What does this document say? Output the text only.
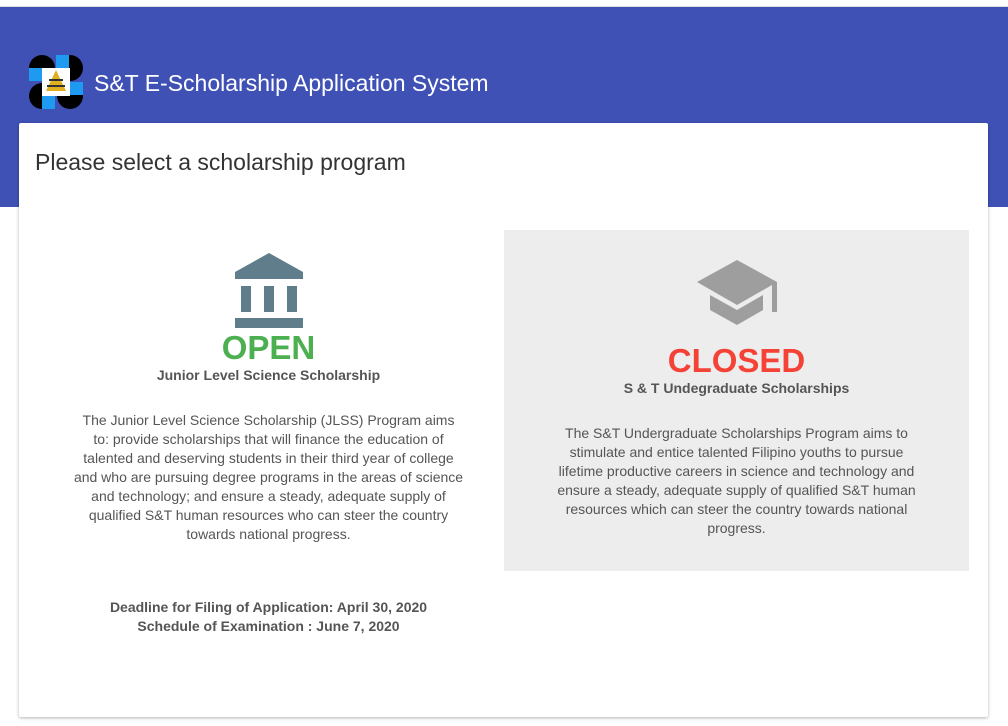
S&T E-Scholarship Application System
Please select a scholarship program
OPEN
Junior Level Science Scholarship
The Junior Level Science Scholarship (JLSS) Program aims to: provide scholarships that will finance the education of talented and deserving students in their third year of college and who are pursuing degree programs in the areas of science and technology; and ensure a steady, adequate supply of qualified S&T human resources who can steer the country towards national progress.
CLOSED
S & T Undegraduate Scholarships
The S&T Undergraduate Scholarships Program aims to stimulate and entice talented Filipino youths to pursue lifetime productive careers in science and technology and ensure a steady, adequate supply of qualified S&T human resources which can steer the country towards national progress.
Deadline for Filing of Application: April 30, 2020
Schedule of Examination : June 7, 2020
